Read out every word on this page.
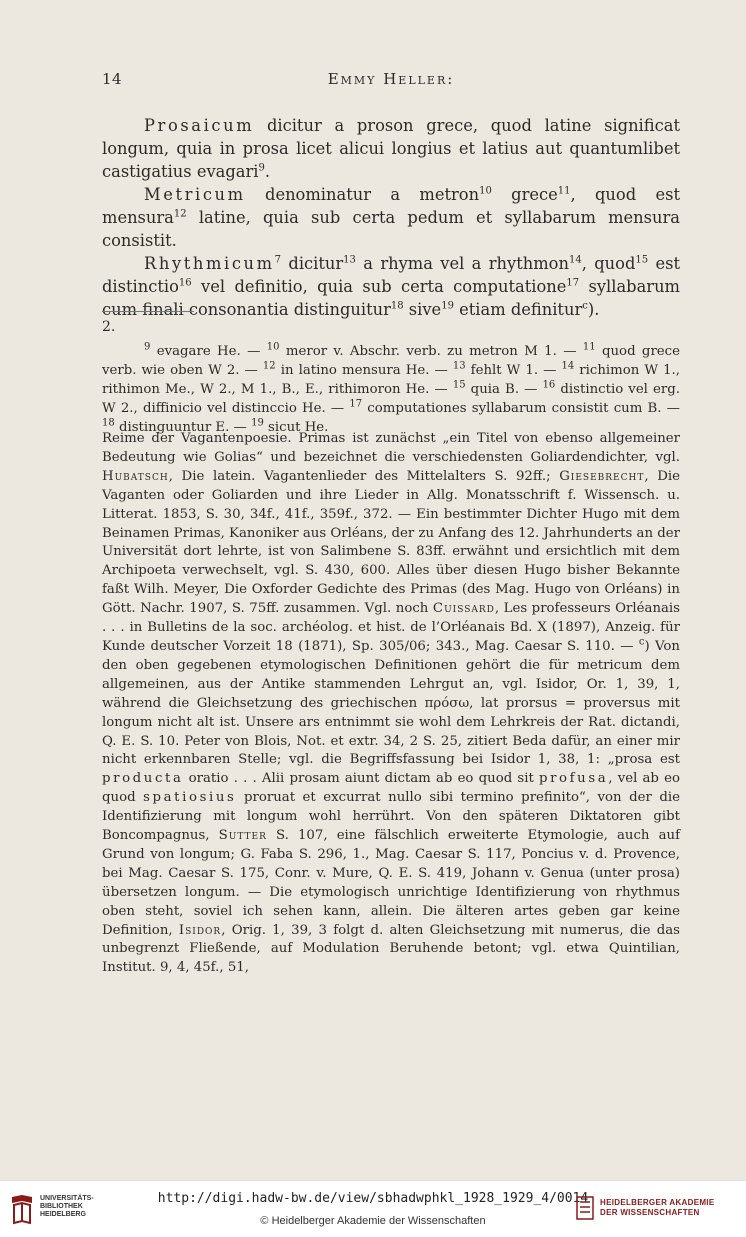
14	Emmy Heller:

Prosaicum dicitur a proson grece, quod latine significat longum, quia in prosa licet alicui longius et latius aut quantumlibet castigatius evagari$^9$.

Metricum denominatur a metron$^{10}$ grece$^{11}$, quod est mensura$^{12}$ latine, quia sub certa pedum et syllabarum mensura consistit.

Rhythmicum$^7$ dicitur$^{13}$ a rhyma vel a rhythmon$^{14}$, quod$^{15}$ est distinctio$^{16}$ vel definitio, quia sub certa computatione$^{17}$ syllabarum cum finali consonantia distinguitur$^{18}$ sive$^{19}$ etiam definitur$^c$).

2.

$^9$ evagare He. — $^{10}$ meror v. Abschr. verb. zu metron M 1. — $^{11}$ quod grece verb. wie oben W 2. — $^{12}$ in latino mensura He. — $^{13}$ fehlt W 1. — $^{14}$ richimon W 1., rithimon Me., W 2., M 1., B., E., rithimoron He. — $^{15}$ quia B. — $^{16}$ distinctio vel erg. W 2., diffinicio vel distinccio He. — $^{17}$ computationes syllabarum consistit cum B. — $^{18}$ distinguuntur E. — $^{19}$ sicut He.

Reime der Vagantenpoesie. Primas ist zunächst „ein Titel von ebenso allgemeiner Bedeutung wie Golias“ und bezeichnet die verschiedensten Goliardendichter, vgl. Hubatsch, Die latein. Vagantenlieder des Mittelalters S. 92ff.; Giesebrecht, Die Vaganten oder Goliarden und ihre Lieder in Allg. Monatsschrift f. Wissensch. u. Litterat. 1853, S. 30, 34f., 41f., 359f., 372. — Ein bestimmter Dichter Hugo mit dem Beinamen Primas, Kanoniker aus Orléans, der zu Anfang des 12. Jahrhunderts an der Universität dort lehrte, ist von Salimbene S. 83ff. erwähnt und ersichtlich mit dem Archipoeta verwechselt, vgl. S. 430, 600. Alles über diesen Hugo bisher Bekannte faßt Wilh. Meyer, Die Oxforder Gedichte des Primas (des Mag. Hugo von Orléans) in Gött. Nachr. 1907, S. 75ff. zusammen. Vgl. noch Cuissard, Les professeurs Orléanais . . . in Bulletins de la soc. archéolog. et hist. de l’Orléanais Bd. X (1897), Anzeig. für Kunde deutscher Vorzeit 18 (1871), Sp. 305/06; 343., Mag. Caesar S. 110. — $^c$) Von den oben gegebenen etymologischen Definitionen gehört die für metricum dem allgemeinen, aus der Antike stammenden Lehrgut an, vgl. Isidor, Or. 1, 39, 1, während die Gleichsetzung des griechischen πρόσω, lat prorsus = proversus mit longum nicht alt ist. Unsere ars entnimmt sie wohl dem Lehrkreis der Rat. dictandi, Q. E. S. 10. Peter von Blois, Not. et extr. 34, 2 S. 25, zitiert Beda dafür, an einer mir nicht erkennbaren Stelle; vgl. die Begriffsfassung bei Isidor 1, 38, 1: „prosa est producta oratio . . . Alii prosam aiunt dictam ab eo quod sit profusa, vel ab eo quod spatiosius proruat et excurrat nullo sibi termino prefinito“, von der die Identifizierung mit longum wohl herrührt. Von den späteren Diktatoren gibt Boncompagnus, Sutter S. 107, eine fälschlich erweiterte Etymologie, auch auf Grund von longum; G. Faba S. 296, 1., Mag. Caesar S. 117, Poncius v. d. Provence, bei Mag. Caesar S. 175, Conr. v. Mure, Q. E. S. 419, Johann v. Genua (unter prosa) übersetzen longum. — Die etymologisch unrichtige Identifizierung von rhythmus oben steht, soviel ich sehen kann, allein. Die älteren artes geben gar keine Definition, Isidor, Orig. 1, 39, 3 folgt d. alten Gleichsetzung mit numerus, die das unbegrenzt Fließende, auf Modulation Beruhende betont; vgl. etwa Quintilian, Institut. 9, 4, 45f., 51,

UNIVERSITÄTS-
BIBLIOTHEK
HEIDELBERG
http://digi.hadw-bw.de/view/sbhadwphkl_1928_1929_4/0014
© Heidelberger Akademie der Wissenschaften
HEIDELBERGER AKADEMIE
DER WISSENSCHAFTEN
